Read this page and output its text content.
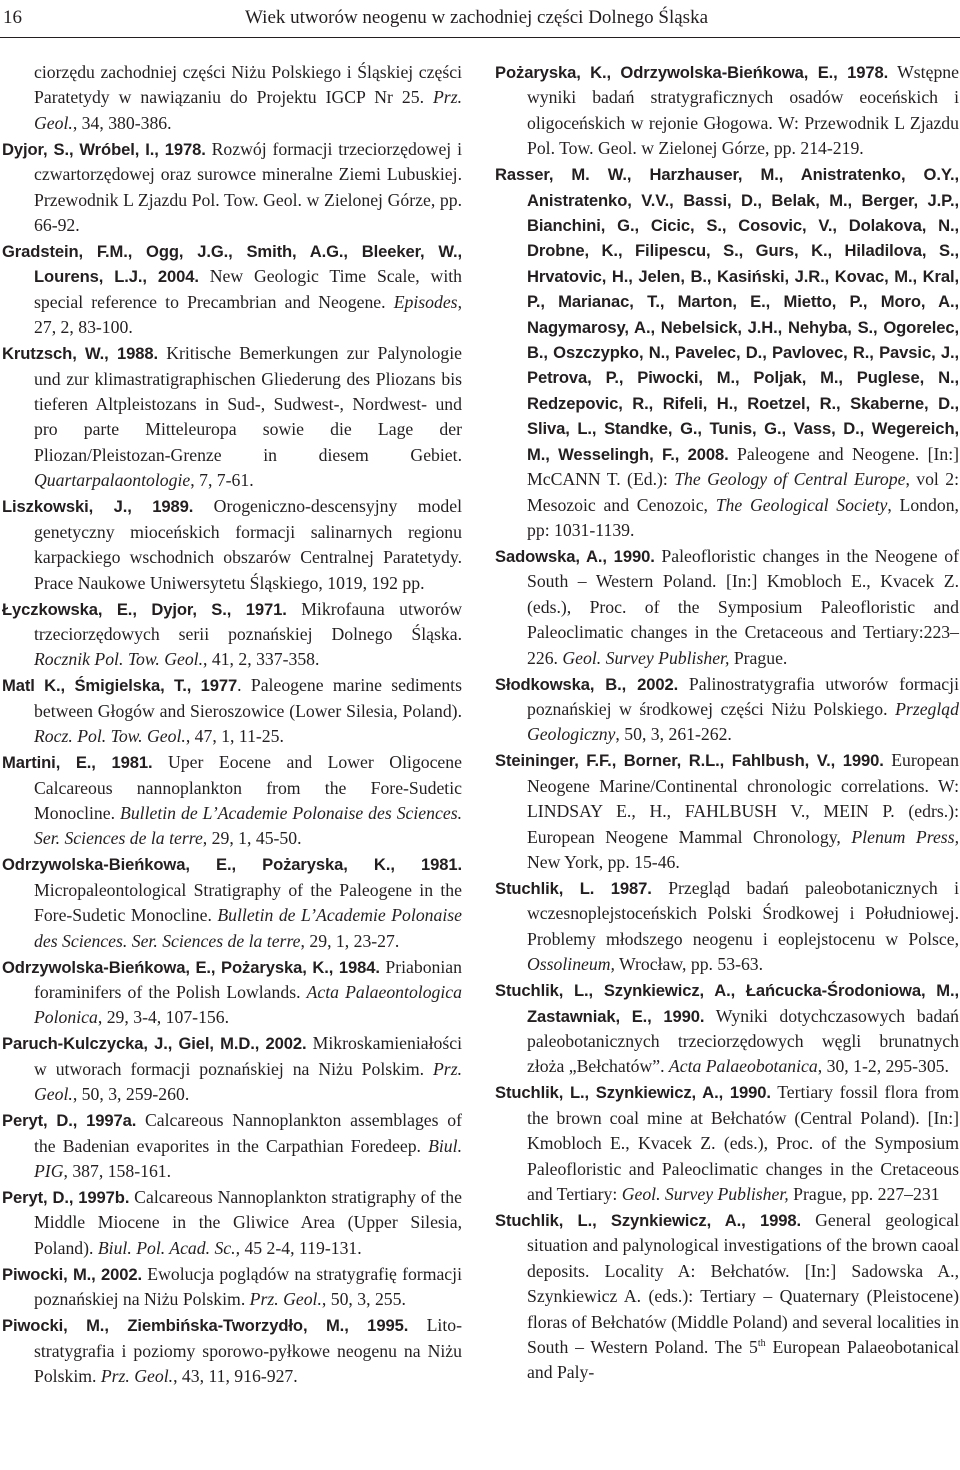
16	Wiek utworów neogenu w zachodniej części Dolnego Śląska

ciorzędu zachodniej części Niżu Polskiego i Śląskiej części Paratetydy w nawiązaniu do Projektu IGCP Nr 25. Prz. Geol., 34, 380-386.

Dyjor, S., Wróbel, I., 1978. Rozwój formacji trzeciorzędowej i czwartorzędowej oraz surowce mineralne Ziemi Lubuskiej. Przewodnik L Zjazdu Pol. Tow. Geol. w Zielonej Górze, pp. 66-92.

Gradstein, F.M., Ogg, J.G., Smith, A.G., Bleeker, W., Lourens, L.J., 2004. New Geologic Time Scale, with special reference to Precambrian and Neogene. Episodes, 27, 2, 83-100.

Krutzsch, W., 1988. Kritische Bemerkungen zur Palynologie und zur klimastratigraphischen Gliederung des Pliozans bis tieferen Altpleistozans in Sud-, Sudwest-, Nordwest- und pro parte Mitteleuropa sowie die Lage der Pliozan/Pleistozan-Grenze in diesem Gebiet. Quartarpalaontologie, 7, 7-61.

Liszkowski, J., 1989. Orogeniczno-descensyjny model genetyczny mioceńskich formacji salinarnych regionu karpackiego wschodnich obszarów Centralnej Paratetydy. Prace Naukowe Uniwersytetu Śląskiego, 1019, 192 pp.

Łyczkowska, E., Dyjor, S., 1971. Mikrofauna utworów trzeciorzędowych serii poznańskiej Dolnego Śląska. Rocznik Pol. Tow. Geol., 41, 2, 337-358.

Matl K., Śmigielska, T., 1977. Paleogene marine sediments between Głogów and Sieroszowice (Lower Silesia, Poland). Rocz. Pol. Tow. Geol., 47, 1, 11-25.

Martini, E., 1981. Uper Eocene and Lower Oligocene Calcareous nannoplankton from the Fore-Sudetic Monocline. Bulletin de L’Academie Polonaise des Sciences. Ser. Sciences de la terre, 29, 1, 45-50.

Odrzywolska-Bieńkowa, E., Pożaryska, K., 1981. Micropaleontological Stratigraphy of the Paleogene in the Fore-Sudetic Monocline. Bulletin de L’Academie Polonaise des Sciences. Ser. Sciences de la terre, 29, 1, 23-27.

Odrzywolska-Bieńkowa, E., Pożaryska, K., 1984. Priabonian foraminifers of the Polish Lowlands. Acta Palaeontologica Polonica, 29, 3-4, 107-156.

Paruch-Kulczycka, J., Giel, M.D., 2002. Mikroskamieniałości w utworach formacji poznańskiej na Niżu Polskim. Prz. Geol., 50, 3, 259-260.

Peryt, D., 1997a. Calcareous Nannoplankton assemblages of the Badenian evaporites in the Carpathian Foredeep. Biul. PIG, 387, 158-161.

Peryt, D., 1997b. Calcareous Nannoplankton stratigraphy of the Middle Miocene in the Gliwice Area (Upper Silesia, Poland). Biul. Pol. Acad. Sc., 45 2-4, 119-131.

Piwocki, M., 2002. Ewolucja poglądów na stratygrafię formacji poznańskiej na Niżu Polskim. Prz. Geol., 50, 3, 255.

Piwocki, M., Ziembińska-Tworzydło, M., 1995. Litostratygrafia i poziomy sporowo-pyłkowe neogenu na Niżu Polskim. Prz. Geol., 43, 11, 916-927.

Pożaryska, K., Odrzywolska-Bieńkowa, E., 1978. Wstępne wyniki badań stratygraficznych osadów eoceńskich i oligoceńskich w rejonie Głogowa. W: Przewodnik L Zjazdu Pol. Tow. Geol. w Zielonej Górze, pp. 214-219.

Rasser, M. W., Harzhauser, M., Anistratenko, O.Y., Anistratenko, V.V., Bassi, D., Belak, M., Berger, J.P., Bianchini, G., Cicic, S., Cosovic, V., Dolakova, N., Drobne, K., Filipescu, S., Gurs, K., Hiladilova, S., Hrvatovic, H., Jelen, B., Kasiński, J.R., Kovac, M., Kral, P., Marianac, T., Marton, E., Mietto, P., Moro, A., Nagymarosy, A., Nebelsick, J.H., Nehyba, S., Ogorelec, B., Oszczypko, N., Pavelec, D., Pavlovec, R., Pavsic, J., Petrova, P., Piwocki, M., Poljak, M., Puglese, N., Redzepovic, R., Rifeli, H., Roetzel, R., Skaberne, D., Sliva, L., Standke, G., Tunis, G., Vass, D., Wegereich, M., Wesselingh, F., 2008. Paleogene and Neogene. [In:] McCANN T. (Ed.): The Geology of Central Europe, vol 2: Mesozoic and Cenozoic, The Geological Society, London, pp: 1031-1139.

Sadowska, A., 1990. Paleofloristic changes in the Neogene of South – Western Poland. [In:] Kmobloch E., Kvacek Z. (eds.), Proc. of the Symposium Paleofloristic and Paleoclimatic changes in the Cretaceous and Tertiary:223–226. Geol. Survey Publisher, Prague.

Słodkowska, B., 2002. Palinostratygrafia utworów formacji poznańskiej w środkowej części Niżu Polskiego. Przegląd Geologiczny, 50, 3, 261-262.

Steininger, F.F., Borner, R.L., Fahlbush, V., 1990. European Neogene Marine/Continental chronologic correlations. W: LINDSAY E., H., FAHLBUSH V., MEIN P. (edrs.): European Neogene Mammal Chronology, Plenum Press, New York, pp. 15-46.

Stuchlik, L. 1987. Przegląd badań paleobotanicznych i wczesnoplejstoceńskich Polski Środkowej i Południowej. Problemy młodszego neogenu i eoplejstocenu w Polsce, Ossolineum, Wrocław, pp. 53-63.

Stuchlik, L., Szynkiewicz, A., Łańcucka-Środoniowa, M., Zastawniak, E., 1990. Wyniki dotychczasowych badań paleobotanicznych trzeciorzędowych węgli brunatnych złoża „Bełchatów”. Acta Palaeobotanica, 30, 1-2, 295-305.

Stuchlik, L., Szynkiewicz, A., 1990. Tertiary fossil flora from the brown coal mine at Bełchatów (Central Poland). [In:] Kmobloch E., Kvacek Z. (eds.), Proc. of the Symposium Paleofloristic and Paleoclimatic changes in the Cretaceous and Tertiary: Geol. Survey Publisher, Prague, pp. 227–231

Stuchlik, L., Szynkiewicz, A., 1998. General geological situation and palynological investigations of the brown caoal deposits. Locality A: Bełchatów. [In:] Sadowska A., Szynkiewicz A. (eds.): Tertiary – Quaternary (Pleistocene) floras of Bełchatów (Middle Poland) and several localities in South – Western Poland. The 5th European Palaeobotanical and Paly-
